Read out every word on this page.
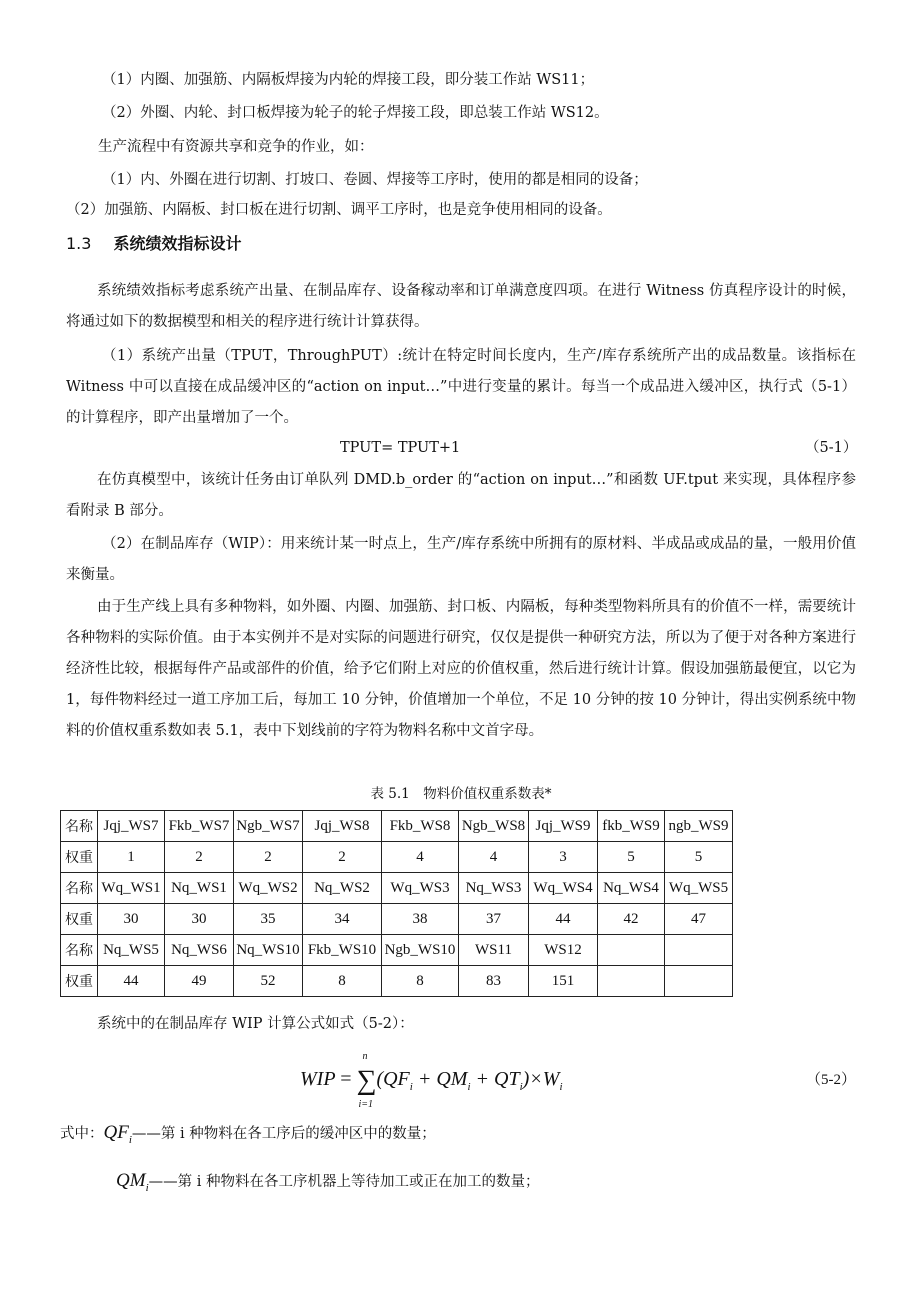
（1）内圈、加强筋、内隔板焊接为内轮的焊接工段，即分装工作站 WS11；

（2）外圈、内轮、封口板焊接为轮子的轮子焊接工段，即总装工作站 WS12。

生产流程中有资源共享和竞争的作业，如：

（1）内、外圈在进行切割、打坡口、卷圆、焊接等工序时，使用的都是相同的设备；

（2）加强筋、内隔板、封口板在进行切割、调平工序时，也是竞争使用相同的设备。

1.3 系统绩效指标设计

系统绩效指标考虑系统产出量、在制品库存、设备稼动率和订单满意度四项。在进行 Witness 仿真程序设计的时候，将通过如下的数据模型和相关的程序进行统计计算获得。

（1）系统产出量（TPUT，ThroughPUT）:统计在特定时间长度内，生产/库存系统所产出的成品数量。该指标在 Witness 中可以直接在成品缓冲区的“action on input…”中进行变量的累计。每当一个成品进入缓冲区，执行式（5-1）的计算程序，即产出量增加了一个。

TPUT= TPUT+1	（5-1）

在仿真模型中，该统计任务由订单队列 DMD.b_order 的“action on input…”和函数 UF.tput 来实现，具体程序参看附录 B 部分。

（2）在制品库存（WIP）：用来统计某一时点上，生产/库存系统中所拥有的原材料、半成品或成品的量，一般用价值来衡量。

由于生产线上具有多种物料，如外圈、内圈、加强筋、封口板、内隔板，每种类型物料所具有的价值不一样，需要统计各种物料的实际价值。由于本实例并不是对实际的问题进行研究，仅仅是提供一种研究方法，所以为了便于对各种方案进行经济性比较，根据每件产品或部件的价值，给予它们附上对应的价值权重，然后进行统计计算。假设加强筋最便宜，以它为 1，每件物料经过一道工序加工后，每加工 10 分钟，价值增加一个单位，不足 10 分钟的按 10 分钟计，得出实例系统中物料的价值权重系数如表 5.1，表中下划线前的字符为物料名称中文首字母。

表 5.1　物料价值权重系数表*
名称	Jqj_WS7	Fkb_WS7	Ngb_WS7	Jqj_WS8	Fkb_WS8	Ngb_WS8	Jqj_WS9	fkb_WS9	ngb_WS9
权重	1	2	2	2	4	4	3	5	5
名称	Wq_WS1	Nq_WS1	Wq_WS2	Nq_WS2	Wq_WS3	Nq_WS3	Wq_WS4	Nq_WS4	Wq_WS5
权重	30	30	35	34	38	37	44	42	47
名称	Nq_WS5	Nq_WS6	Nq_WS10	Fkb_WS10	Ngb_WS10	WS11	WS12		
权重	44	49	52	8	8	83	151		

系统中的在制品库存 WIP 计算公式如式（5-2）：

WIP = ∑
n
i=1
$(QF_i + QM_i + QT_i)\times W_i$	（5-2）
式中：$QF_i——$第 i 种物料在各工序后的缓冲区中的数量；
$QM_i——$第 i 种物料在各工序机器上等待加工或正在加工的数量；
